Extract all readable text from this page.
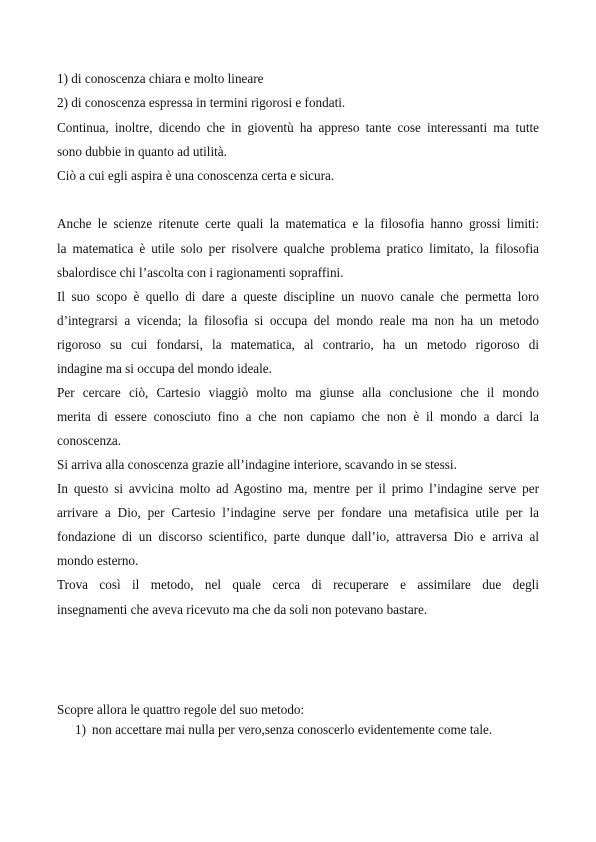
1) di conoscenza chiara e molto lineare
2) di conoscenza espressa in termini rigorosi e fondati.
Continua, inoltre, dicendo che in gioventù ha appreso tante cose interessanti ma tutte
sono dubbie in quanto ad utilità.
Ciò a cui egli aspira è una conoscenza certa e sicura.
Anche le scienze ritenute certe quali la matematica e la filosofia hanno grossi limiti:
la matematica è utile solo per risolvere qualche problema pratico limitato, la filosofia
sbalordisce chi l’ascolta con i ragionamenti sopraffini.
Il suo scopo è quello di dare a queste discipline un nuovo canale che permetta loro
d’integrarsi a vicenda; la filosofia si occupa del mondo reale ma non ha un metodo
rigoroso su cui fondarsi, la matematica, al contrario, ha un metodo rigoroso di
indagine ma si occupa del mondo ideale.
Per cercare ciò, Cartesio viaggiò molto ma giunse alla conclusione che il mondo
merita di essere conosciuto fino a che non capiamo che non è il mondo a darci la
conoscenza.
Si arriva alla conoscenza grazie all’indagine interiore, scavando in se stessi.
In questo si avvicina molto ad Agostino ma, mentre per il primo l’indagine serve per
arrivare a Dio, per Cartesio l’indagine serve per fondare una metafisica utile per la
fondazione di un discorso scientifico, parte dunque dall’io, attraversa Dio e arriva al
mondo esterno.
Trova così il metodo, nel quale cerca di recuperare e assimilare due degli
insegnamenti che aveva ricevuto ma che da soli non potevano bastare.
Scopre allora le quattro regole del suo metodo:
1) non accettare mai nulla per vero,senza conoscerlo evidentemente come tale.
